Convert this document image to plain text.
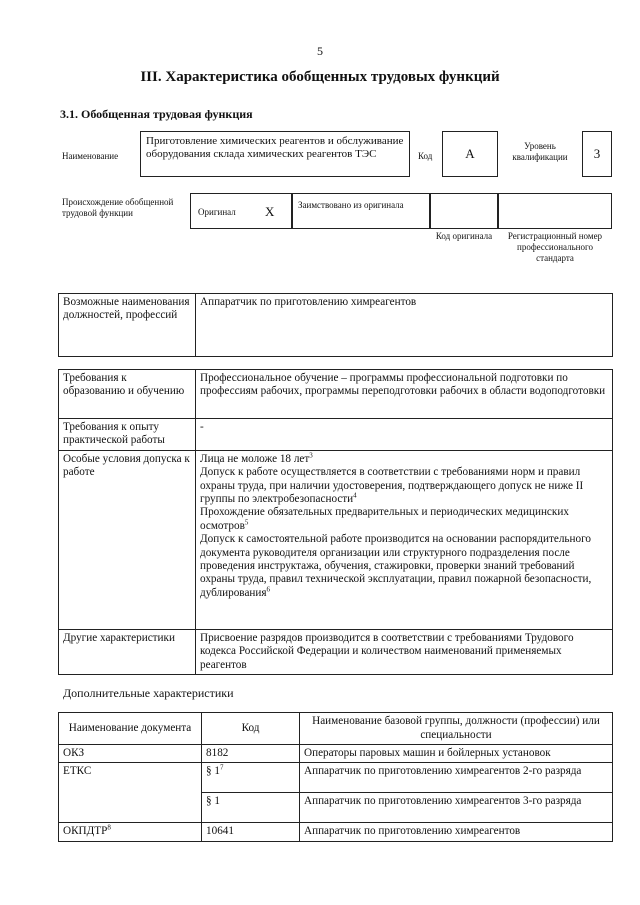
5
III. Характеристика обобщенных трудовых функций
3.1. Обобщенная трудовая функция
Наименование
Приготовление химических реагентов и обслуживание оборудования склада химических реагентов ТЭС	Код	A	Уровень квалификации	3
Происхождение обобщенной трудовой функции	Оригинал X	Заимствовано из оригинала
Код оригинала	Регистрационный номер профессионального стандарта
Возможные наименования должностей, профессий	Аппаратчик по приготовлению химреагентов
Требования к образованию и обучению	Профессиональное обучение – программы профессиональной подготовки по профессиям рабочих, программы переподготовки рабочих в области водоподготовки
Требования к опыту практической работы	-
Особые условия допуска к работе	Лица не моложе 18 лет$^3$

Допуск к работе осуществляется в соответствии с требованиями норм и правил охраны труда, при наличии удостоверения, подтверждающего допуск не ниже II группы по электробезопасности$^4$

Прохождение обязательных предварительных и периодических медицинских осмотров$^5$

Допуск к самостоятельной работе производится на основании распорядительного документа руководителя организации или структурного подразделения после проведения инструктажа, обучения, стажировки, проверки знаний требований охраны труда, правил технической эксплуатации, правил пожарной безопасности, дублирования$^6$

Другие характеристики	Присвоение разрядов производится в соответствии с требованиями Трудового кодекса Российской Федерации и количеством наименований применяемых реагентов
Дополнительные характеристики
Наименование документа	Код	Наименование базовой группы, должности (профессии) или специальности
ОКЗ	8182	Операторы паровых машин и бойлерных установок
ЕТКС	§ $1^7$	Аппаратчик по приготовлению химреагентов 2-го разряда
	§ 1	Аппаратчик по приготовлению химреагентов 3-го разряда
ОКПДТР$^8$	10641	Аппаратчик по приготовлению химреагентов
